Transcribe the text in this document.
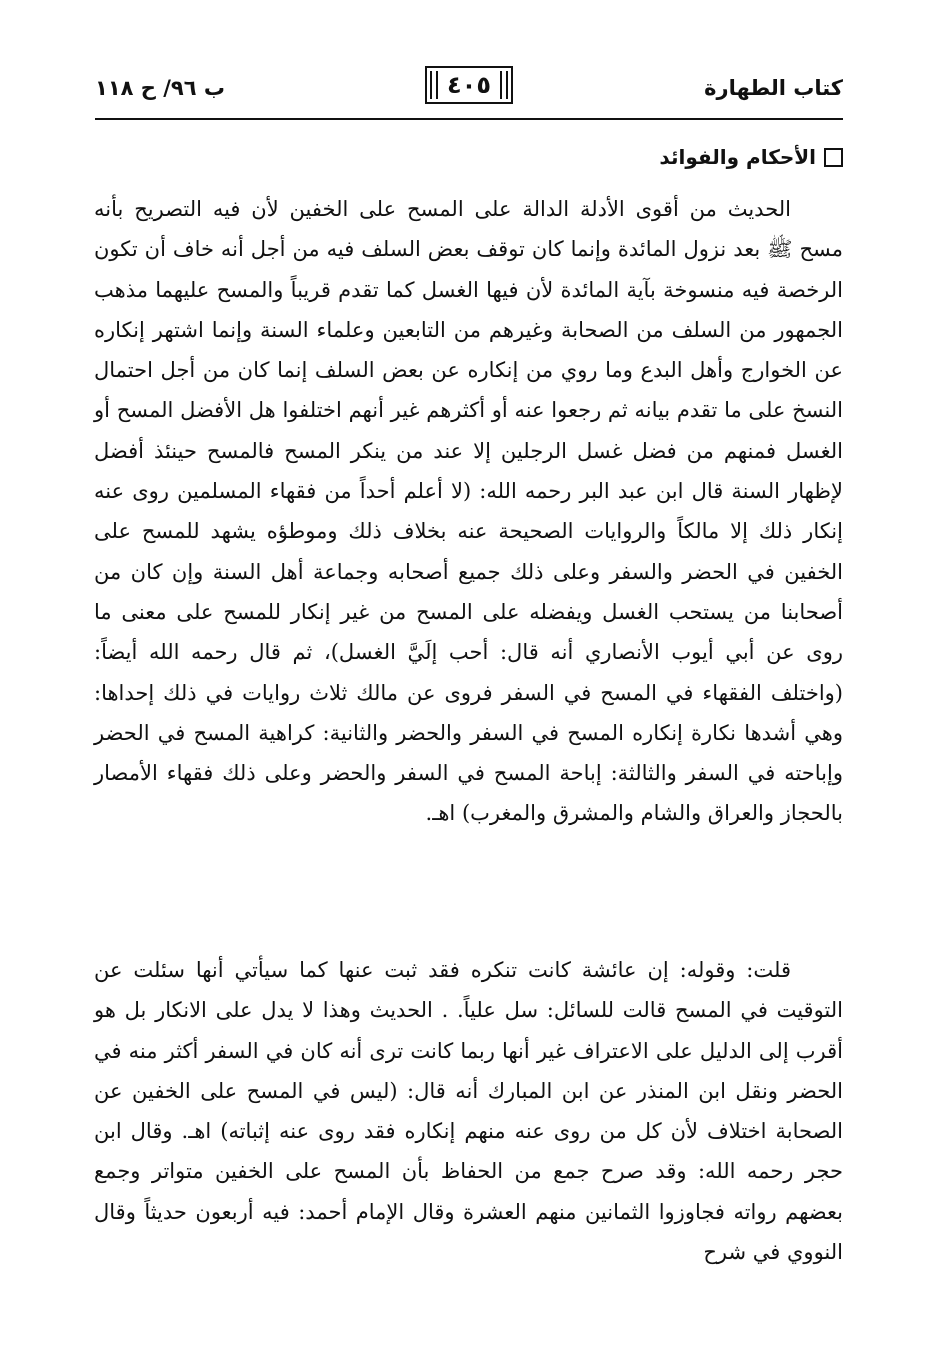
كتاب الطهارة
٤٠٥
ب ٩٦/ ح ١١٨
الأحكام والفوائد

الحديث من أقوى الأدلة الدالة على المسح على الخفين لأن فيه التصريح بأنه مسح ﷺ بعد نزول المائدة وإنما كان توقف بعض السلف فيه من أجل أنه خاف أن تكون الرخصة فيه منسوخة بآية المائدة لأن فيها الغسل كما تقدم قريباً والمسح عليهما مذهب الجمهور من السلف من الصحابة وغيرهم من التابعين وعلماء السنة وإنما اشتهر إنكاره عن الخوارج وأهل البدع وما روي من إنكاره عن بعض السلف إنما كان من أجل احتمال النسخ على ما تقدم بيانه ثم رجعوا عنه أو أكثرهم غير أنهم اختلفوا هل الأفضل المسح أو الغسل فمنهم من فضل غسل الرجلين إلا عند من ينكر المسح فالمسح حينئذ أفضل لإظهار السنة قال ابن عبد البر رحمه الله: (لا أعلم أحداً من فقهاء المسلمين روى عنه إنكار ذلك إلا مالكاً والروايات الصحيحة عنه بخلاف ذلك وموطؤه يشهد للمسح على الخفين في الحضر والسفر وعلى ذلك جميع أصحابه وجماعة أهل السنة وإن كان من أصحابنا من يستحب الغسل ويفضله على المسح من غير إنكار للمسح على معنى ما روى عن أبي أيوب الأنصاري أنه قال: أحب إلَيَّ الغسل)، ثم قال رحمه الله أيضاً: (واختلف الفقهاء في المسح في السفر فروى عن مالك ثلاث روايات في ذلك إحداها: وهي أشدها نكارة إنكاره المسح في السفر والحضر والثانية: كراهية المسح في الحضر وإباحته في السفر والثالثة: إباحة المسح في السفر والحضر وعلى ذلك فقهاء الأمصار بالحجاز والعراق والشام والمشرق والمغرب) اهـ.

قلت: وقوله: إن عائشة كانت تنكره فقد ثبت عنها كما سيأتي أنها سئلت عن التوقيت في المسح قالت للسائل: سل علياً. . الحديث وهذا لا يدل على الانكار بل هو أقرب إلى الدليل على الاعتراف غير أنها ربما كانت ترى أنه كان في السفر أكثر منه في الحضر ونقل ابن المنذر عن ابن المبارك أنه قال: (ليس في المسح على الخفين عن الصحابة اختلاف لأن كل من روى عنه منهم إنكاره فقد روى عنه إثباته) اهـ. وقال ابن حجر رحمه الله: وقد صرح جمع من الحفاظ بأن المسح على الخفين متواتر وجمع بعضهم رواته فجاوزوا الثمانين منهم العشرة وقال الإمام أحمد: فيه أربعون حديثاً وقال النووي في شرح
